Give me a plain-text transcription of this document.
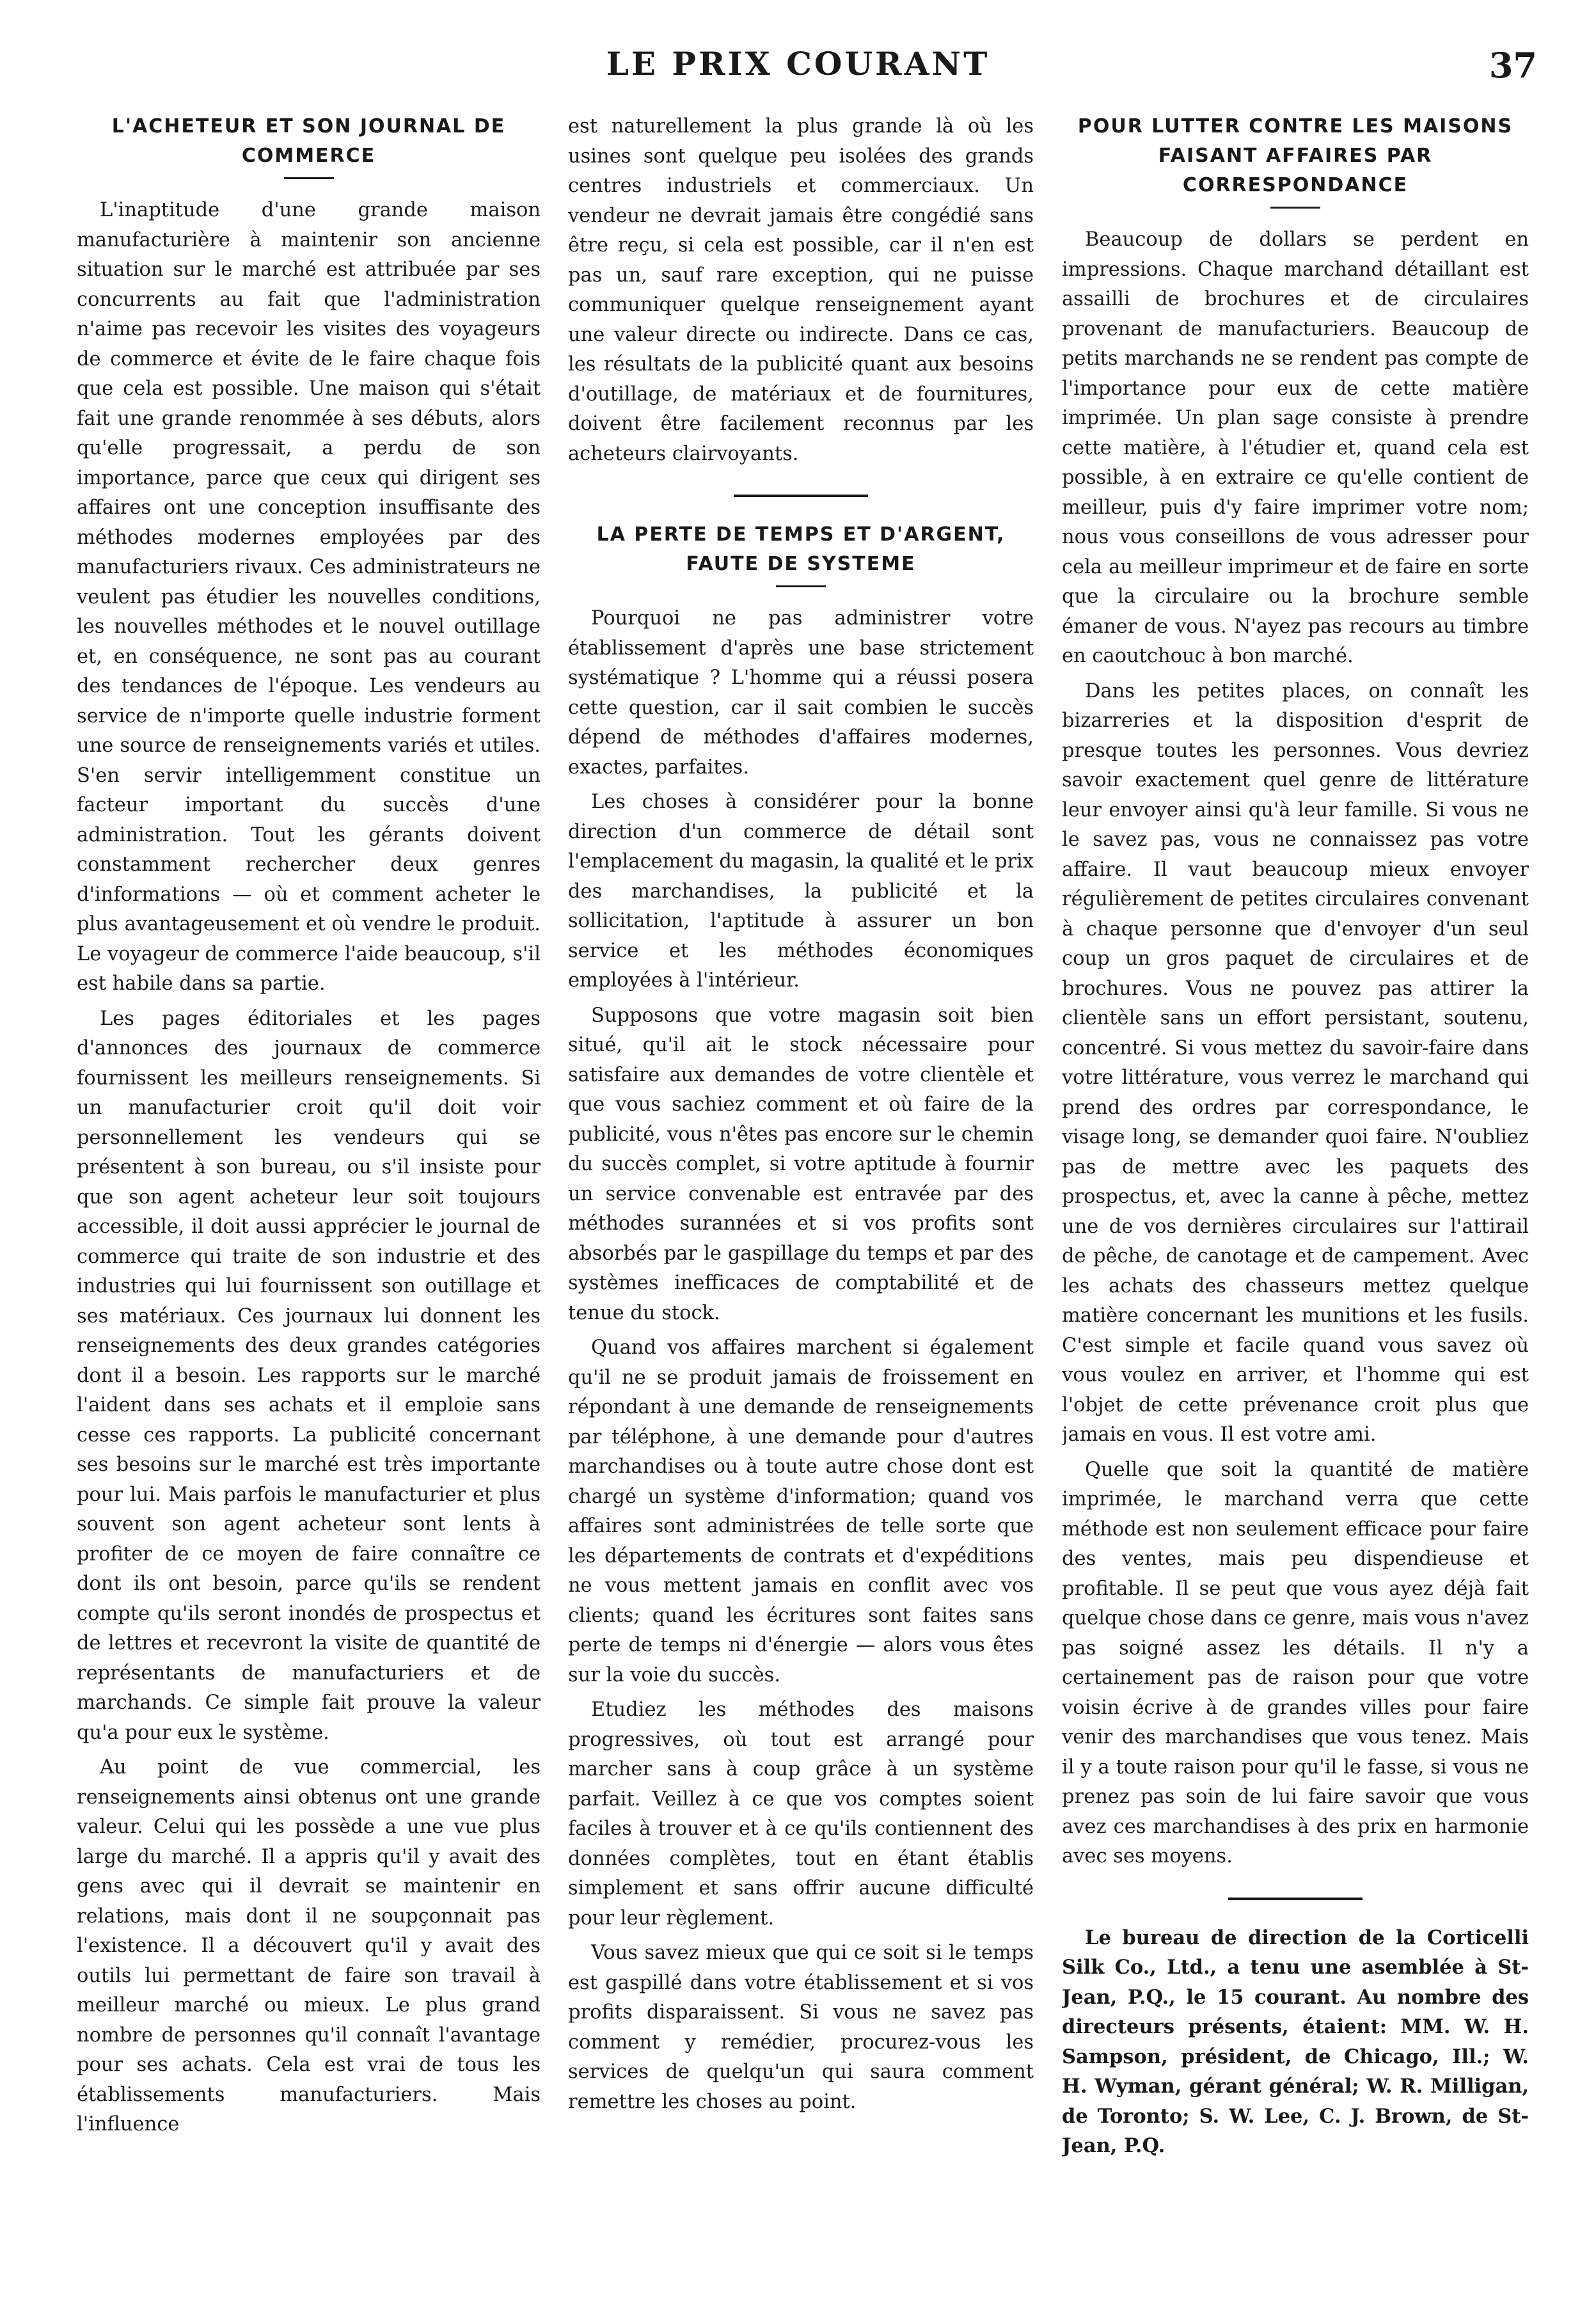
LE PRIX COURANT	37
L'ACHETEUR ET SON JOURNAL DE COMMERCE

L'inaptitude d'une grande maison manufacturière à maintenir son ancienne situation sur le marché est attribuée par ses concurrents au fait que l'administration n'aime pas recevoir les visites des voyageurs de commerce et évite de le faire chaque fois que cela est possible. Une maison qui s'était fait une grande renommée à ses débuts, alors qu'elle progressait, a perdu de son importance, parce que ceux qui dirigent ses affaires ont une conception insuffisante des méthodes modernes employées par des manufacturiers rivaux. Ces administrateurs ne veulent pas étudier les nouvelles conditions, les nouvelles méthodes et le nouvel outillage et, en conséquence, ne sont pas au courant des tendances de l'époque. Les vendeurs au service de n'importe quelle industrie forment une source de renseignements variés et utiles. S'en servir intelligemment constitue un facteur important du succès d'une administration. Tout les gérants doivent constamment rechercher deux genres d'informations — où et comment acheter le plus avantageusement et où vendre le produit. Le voyageur de commerce l'aide beaucoup, s'il est habile dans sa partie.

Les pages éditoriales et les pages d'annonces des journaux de commerce fournissent les meilleurs renseignements. Si un manufacturier croit qu'il doit voir personnellement les vendeurs qui se présentent à son bureau, ou s'il insiste pour que son agent acheteur leur soit toujours accessible, il doit aussi apprécier le journal de commerce qui traite de son industrie et des industries qui lui fournissent son outillage et ses matériaux. Ces journaux lui donnent les renseignements des deux grandes catégories dont il a besoin. Les rapports sur le marché l'aident dans ses achats et il emploie sans cesse ces rapports. La publicité concernant ses besoins sur le marché est très importante pour lui. Mais parfois le manufacturier et plus souvent son agent acheteur sont lents à profiter de ce moyen de faire connaître ce dont ils ont besoin, parce qu'ils se rendent compte qu'ils seront inondés de prospectus et de lettres et recevront la visite de quantité de représentants de manufacturiers et de marchands. Ce simple fait prouve la valeur qu'a pour eux le système.

Au point de vue commercial, les renseignements ainsi obtenus ont une grande valeur. Celui qui les possède a une vue plus large du marché. Il a appris qu'il y avait des gens avec qui il devrait se maintenir en relations, mais dont il ne soupçonnait pas l'existence. Il a découvert qu'il y avait des outils lui permettant de faire son travail à meilleur marché ou mieux. Le plus grand nombre de personnes qu'il connaît l'avantage pour ses achats. Cela est vrai de tous les établissements manufacturiers. Mais l'influence

est naturellement la plus grande là où les usines sont quelque peu isolées des grands centres industriels et commerciaux. Un vendeur ne devrait jamais être congédié sans être reçu, si cela est possible, car il n'en est pas un, sauf rare exception, qui ne puisse communiquer quelque renseignement ayant une valeur directe ou indirecte. Dans ce cas, les résultats de la publicité quant aux besoins d'outillage, de matériaux et de fournitures, doivent être facilement reconnus par les acheteurs clairvoyants.

LA PERTE DE TEMPS ET D'ARGENT, FAUTE DE SYSTEME

Pourquoi ne pas administrer votre établissement d'après une base strictement systématique ? L'homme qui a réussi posera cette question, car il sait combien le succès dépend de méthodes d'affaires modernes, exactes, parfaites.

Les choses à considérer pour la bonne direction d'un commerce de détail sont l'emplacement du magasin, la qualité et le prix des marchandises, la publicité et la sollicitation, l'aptitude à assurer un bon service et les méthodes économiques employées à l'intérieur.

Supposons que votre magasin soit bien situé, qu'il ait le stock nécessaire pour satisfaire aux demandes de votre clientèle et que vous sachiez comment et où faire de la publicité, vous n'êtes pas encore sur le chemin du succès complet, si votre aptitude à fournir un service convenable est entravée par des méthodes surannées et si vos profits sont absorbés par le gaspillage du temps et par des systèmes inefficaces de comptabilité et de tenue du stock.

Quand vos affaires marchent si également qu'il ne se produit jamais de froissement en répondant à une demande de renseignements par téléphone, à une demande pour d'autres marchandises ou à toute autre chose dont est chargé un système d'information; quand vos affaires sont administrées de telle sorte que les départements de contrats et d'expéditions ne vous mettent jamais en conflit avec vos clients; quand les écritures sont faites sans perte de temps ni d'énergie — alors vous êtes sur la voie du succès.

Etudiez les méthodes des maisons progressives, où tout est arrangé pour marcher sans à coup grâce à un système parfait. Veillez à ce que vos comptes soient faciles à trouver et à ce qu'ils contiennent des données complètes, tout en étant établis simplement et sans offrir aucune difficulté pour leur règlement.

Vous savez mieux que qui ce soit si le temps est gaspillé dans votre établissement et si vos profits disparaissent. Si vous ne savez pas comment y remédier, procurez-vous les services de quelqu'un qui saura comment remettre les choses au point.

POUR LUTTER CONTRE LES MAISONS FAISANT AFFAIRES PAR CORRESPONDANCE

Beaucoup de dollars se perdent en impressions. Chaque marchand détaillant est assailli de brochures et de circulaires provenant de manufacturiers. Beaucoup de petits marchands ne se rendent pas compte de l'importance pour eux de cette matière imprimée. Un plan sage consiste à prendre cette matière, à l'étudier et, quand cela est possible, à en extraire ce qu'elle contient de meilleur, puis d'y faire imprimer votre nom; nous vous conseillons de vous adresser pour cela au meilleur imprimeur et de faire en sorte que la circulaire ou la brochure semble émaner de vous. N'ayez pas recours au timbre en caoutchouc à bon marché.

Dans les petites places, on connaît les bizarreries et la disposition d'esprit de presque toutes les personnes. Vous devriez savoir exactement quel genre de littérature leur envoyer ainsi qu'à leur famille. Si vous ne le savez pas, vous ne connaissez pas votre affaire. Il vaut beaucoup mieux envoyer régulièrement de petites circulaires convenant à chaque personne que d'envoyer d'un seul coup un gros paquet de circulaires et de brochures. Vous ne pouvez pas attirer la clientèle sans un effort persistant, soutenu, concentré. Si vous mettez du savoir-faire dans votre littérature, vous verrez le marchand qui prend des ordres par correspondance, le visage long, se demander quoi faire. N'oubliez pas de mettre avec les paquets des prospectus, et, avec la canne à pêche, mettez une de vos dernières circulaires sur l'attirail de pêche, de canotage et de campement. Avec les achats des chasseurs mettez quelque matière concernant les munitions et les fusils. C'est simple et facile quand vous savez où vous voulez en arriver, et l'homme qui est l'objet de cette prévenance croit plus que jamais en vous. Il est votre ami.

Quelle que soit la quantité de matière imprimée, le marchand verra que cette méthode est non seulement efficace pour faire des ventes, mais peu dispendieuse et profitable. Il se peut que vous ayez déjà fait quelque chose dans ce genre, mais vous n'avez pas soigné assez les détails. Il n'y a certainement pas de raison pour que votre voisin écrive à de grandes villes pour faire venir des marchandises que vous tenez. Mais il y a toute raison pour qu'il le fasse, si vous ne prenez pas soin de lui faire savoir que vous avez ces marchandises à des prix en harmonie avec ses moyens.

Le bureau de direction de la Corticelli Silk Co., Ltd., a tenu une asemblée à St-Jean, P.Q., le 15 courant. Au nombre des directeurs présents, étaient: MM. W. H. Sampson, président, de Chicago, Ill.; W. H. Wyman, gérant général; W. R. Milligan, de Toronto; S. W. Lee, C. J. Brown, de St-Jean, P.Q.
